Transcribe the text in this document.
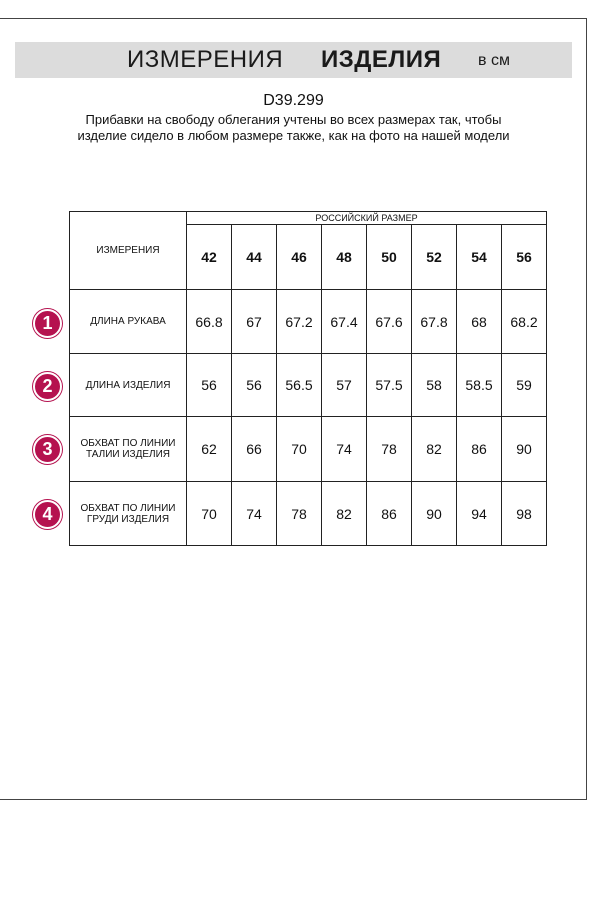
ИЗМЕРЕНИЯ ИЗДЕЛИЯ в см
D39.299
Прибавки на свободу облегания учтены во всех размерах так, чтобы изделие сидело в любом размере также, как на фото на нашей модели
ИЗМЕРЕНИЯ	РОССИЙСКИЙ РАЗМЕР							
	42	44	46	48	50	52	54	56
ДЛИНА РУКАВА	66.8	67	67.2	67.4	67.6	67.8	68	68.2
ДЛИНА ИЗДЕЛИЯ	56	56	56.5	57	57.5	58	58.5	59
ОБХВАТ ПО ЛИНИИ ТАЛИИ ИЗДЕЛИЯ	62	66	70	74	78	82	86	90
ОБХВАТ ПО ЛИНИИ ГРУДИ ИЗДЕЛИЯ	70	74	78	82	86	90	94	98
1
2
3
4
